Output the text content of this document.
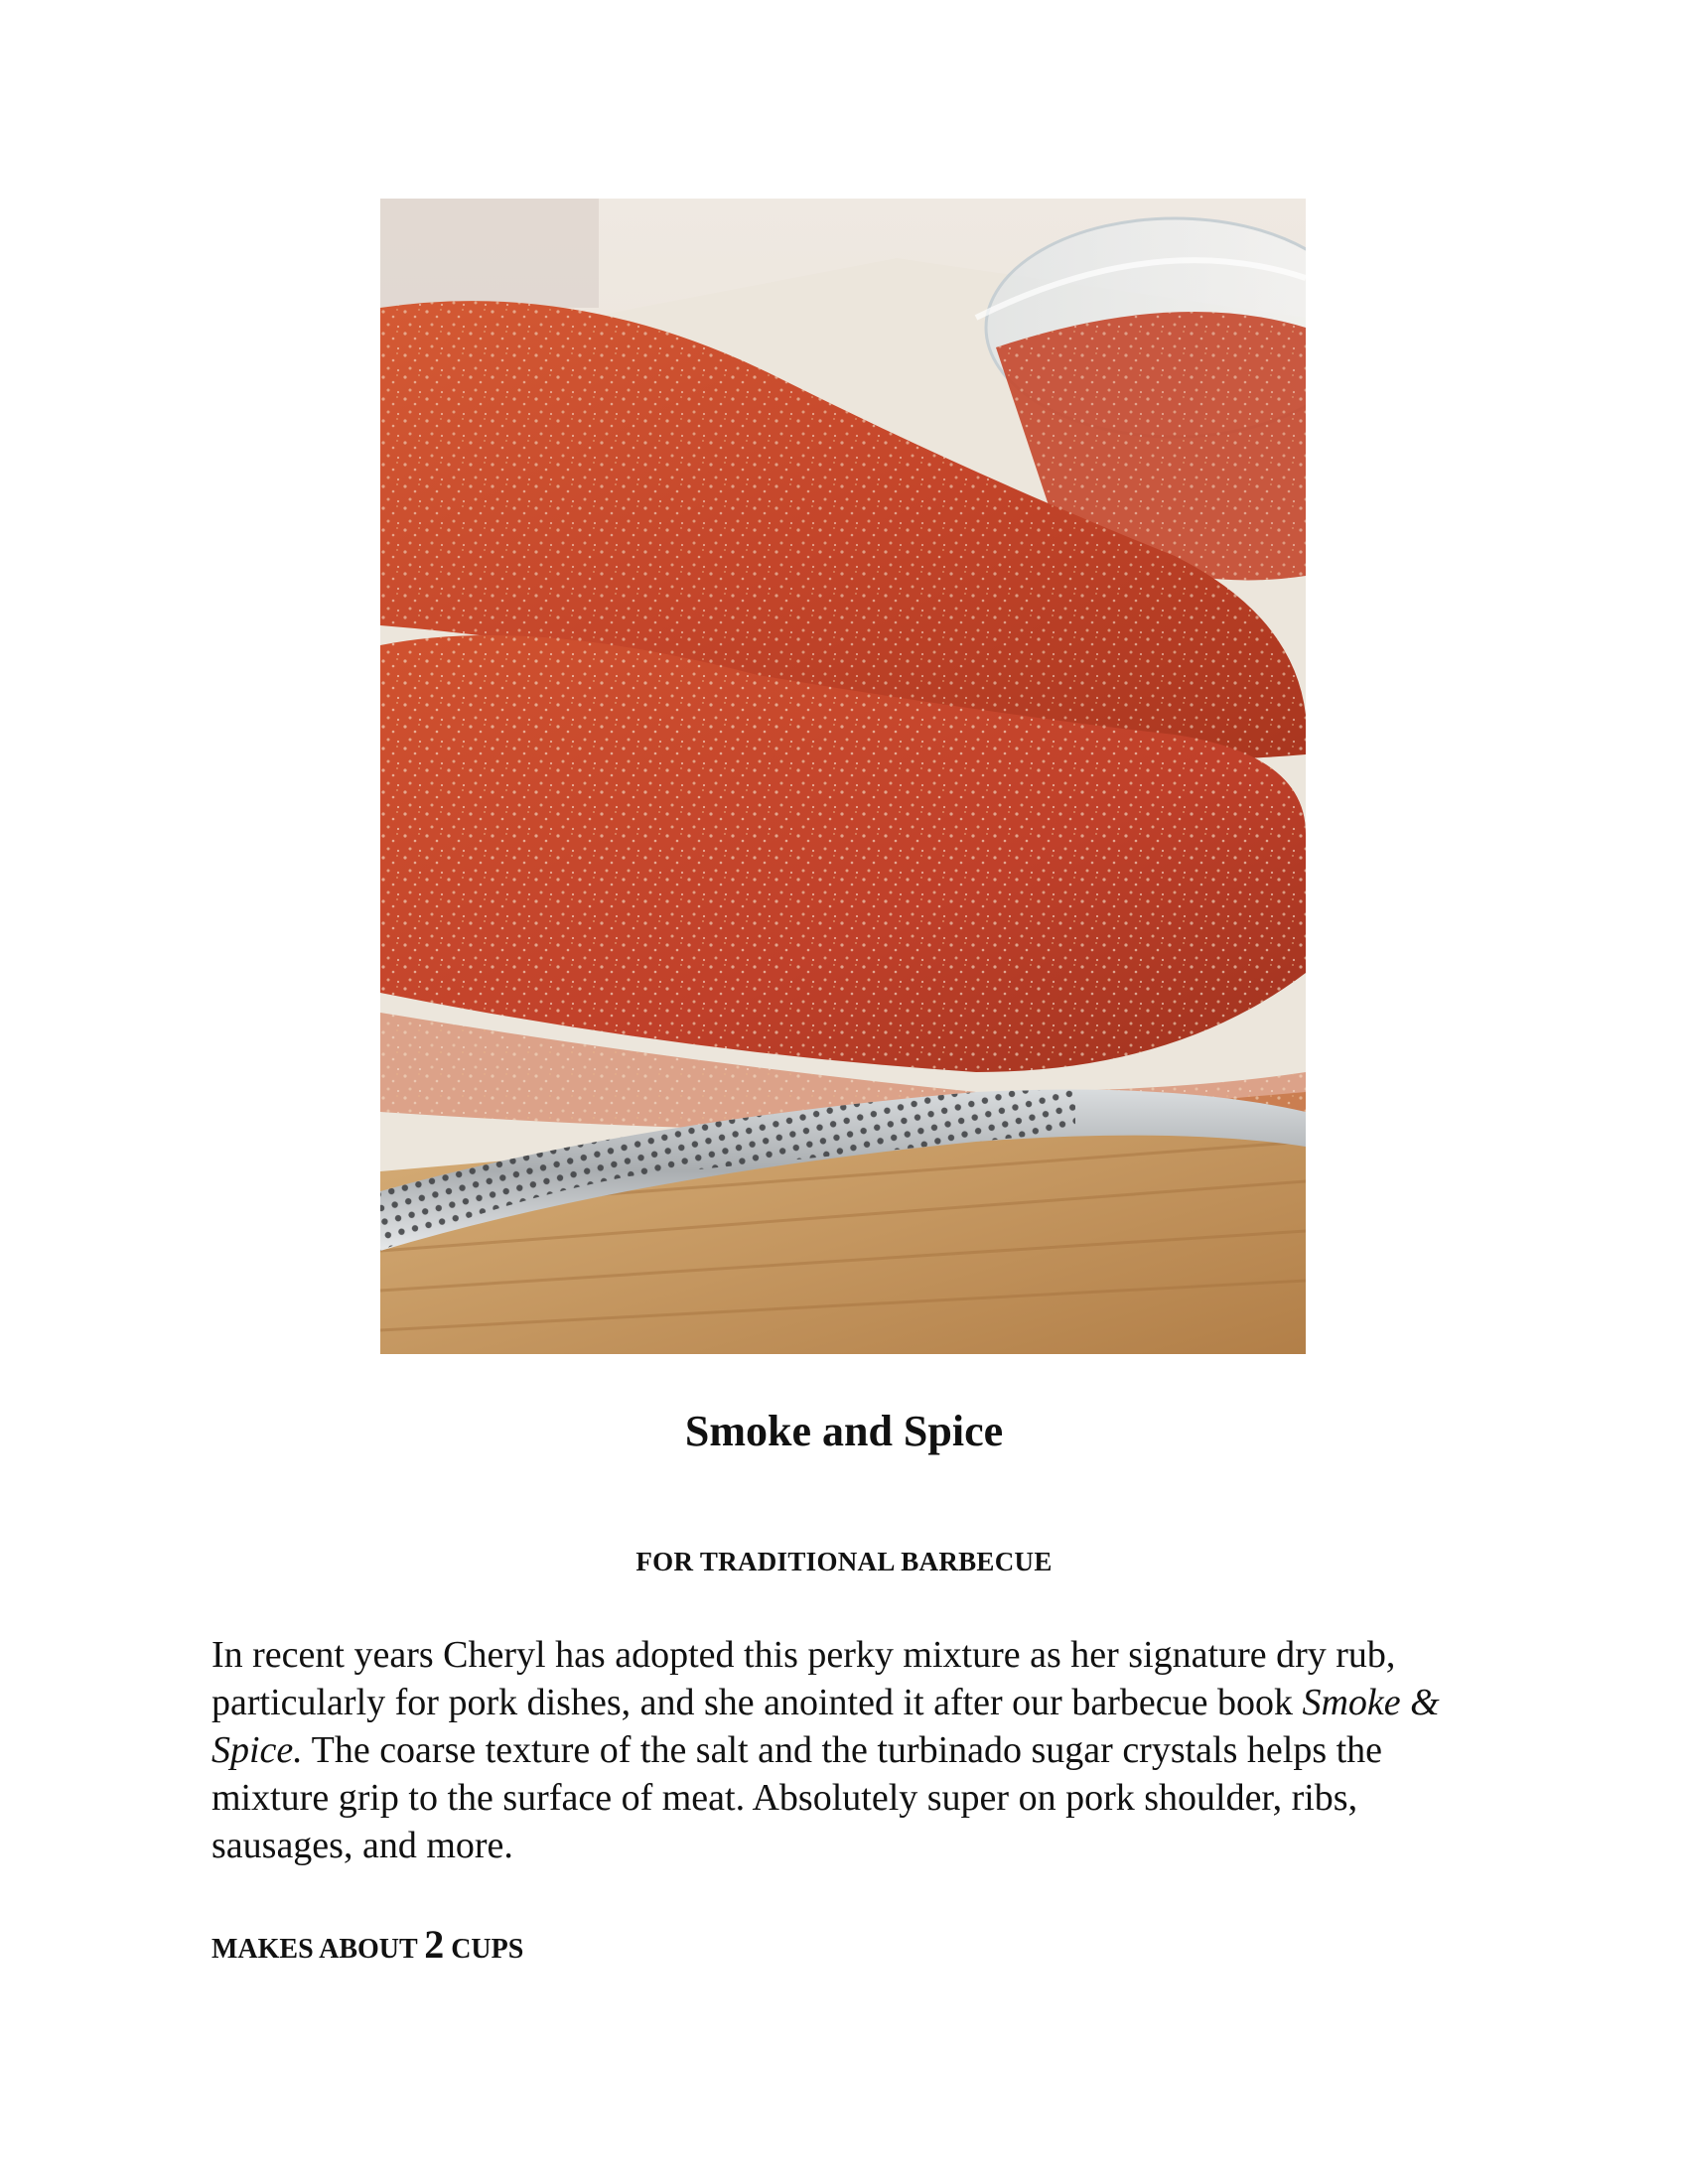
Smoke and Spice

FOR TRADITIONAL BARBECUE

In recent years Cheryl has adopted this perky mixture as her signature dry rub, particularly for pork dishes, and she anointed it after our barbecue book Smoke & Spice. The coarse texture of the salt and the turbinado sugar crystals helps the mixture grip to the surface of meat. Absolutely super on pork shoulder, ribs, sausages, and more.

MAKES ABOUT 2 CUPS
